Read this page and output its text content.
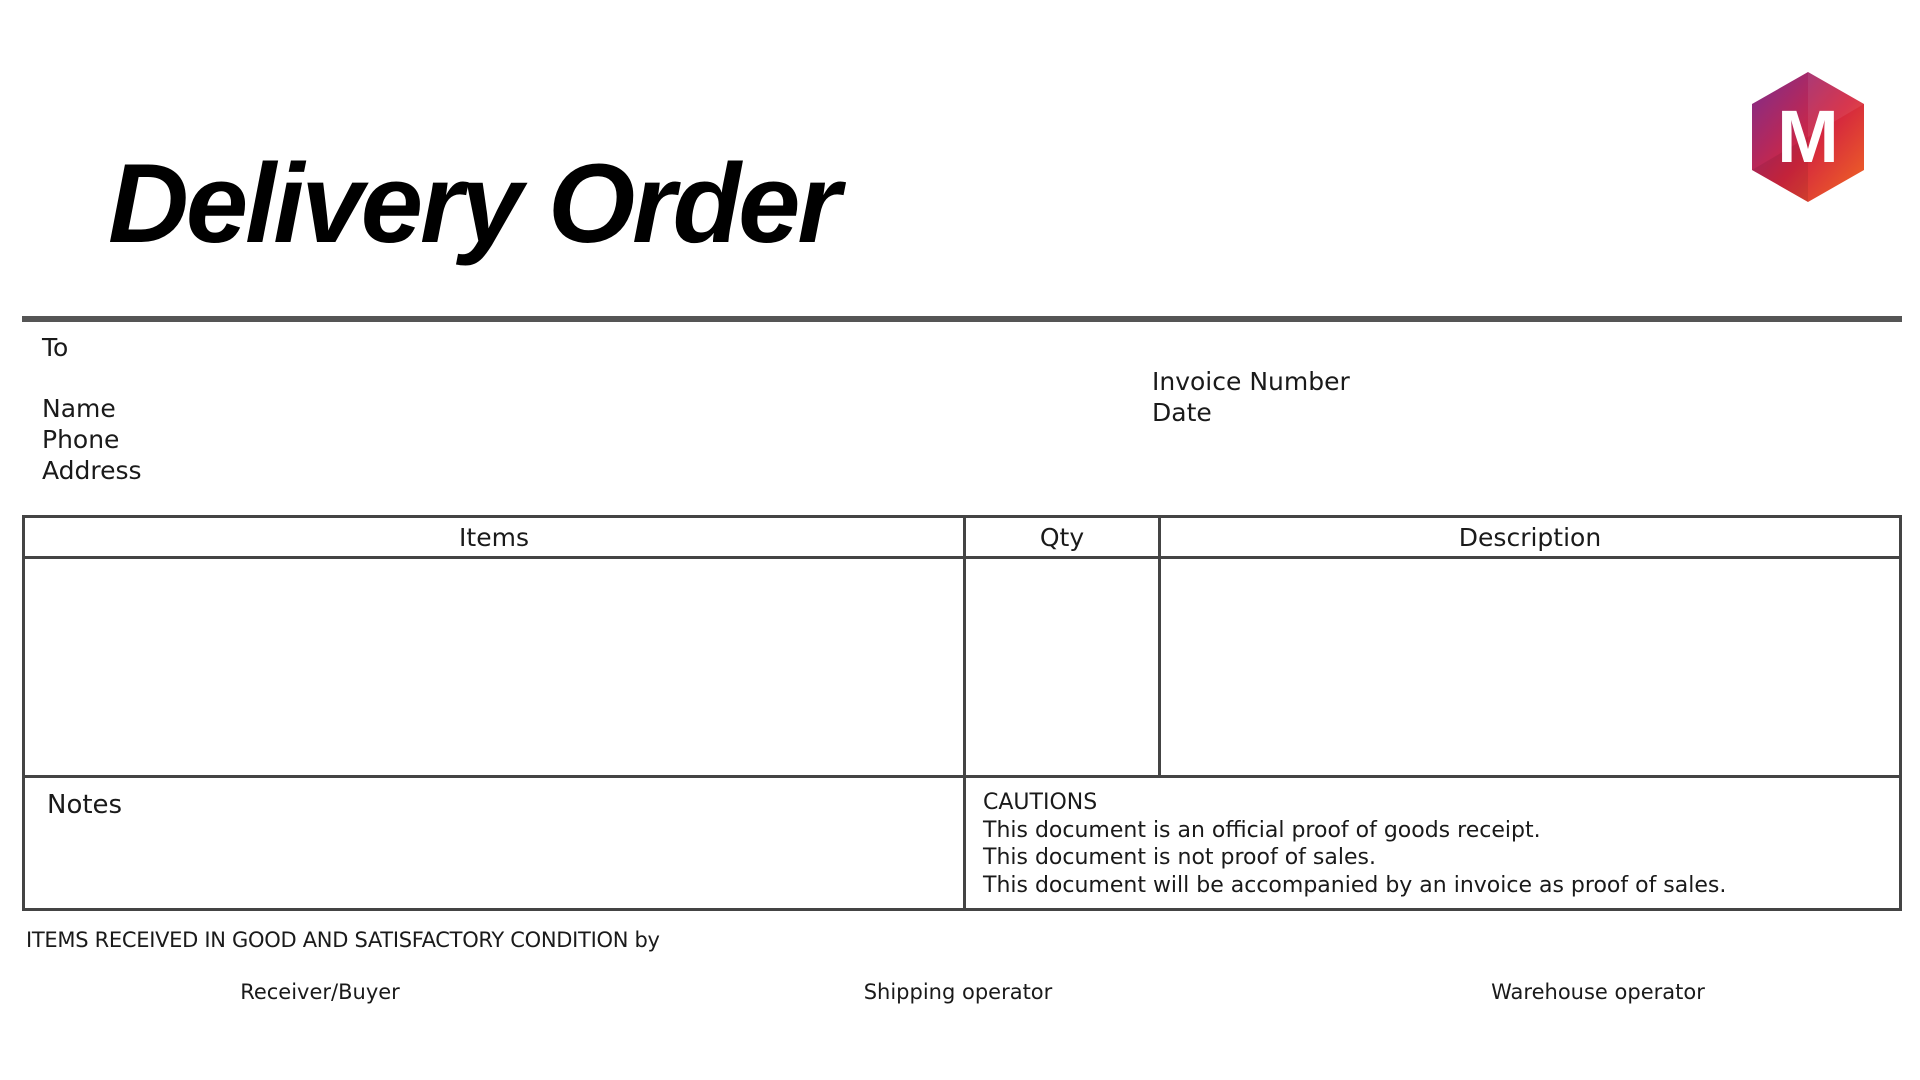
Delivery Order
M
To
Name
Phone
Address
Invoice Number
Date
Items	Qty	Description
Notes	CAUTIONS
This document is an official proof of goods receipt.
This document is not proof of sales.
This document will be accompanied by an invoice as proof of sales.
ITEMS RECEIVED IN GOOD AND SATISFACTORY CONDITION by
Receiver/Buyer	Shipping operator	Warehouse operator
